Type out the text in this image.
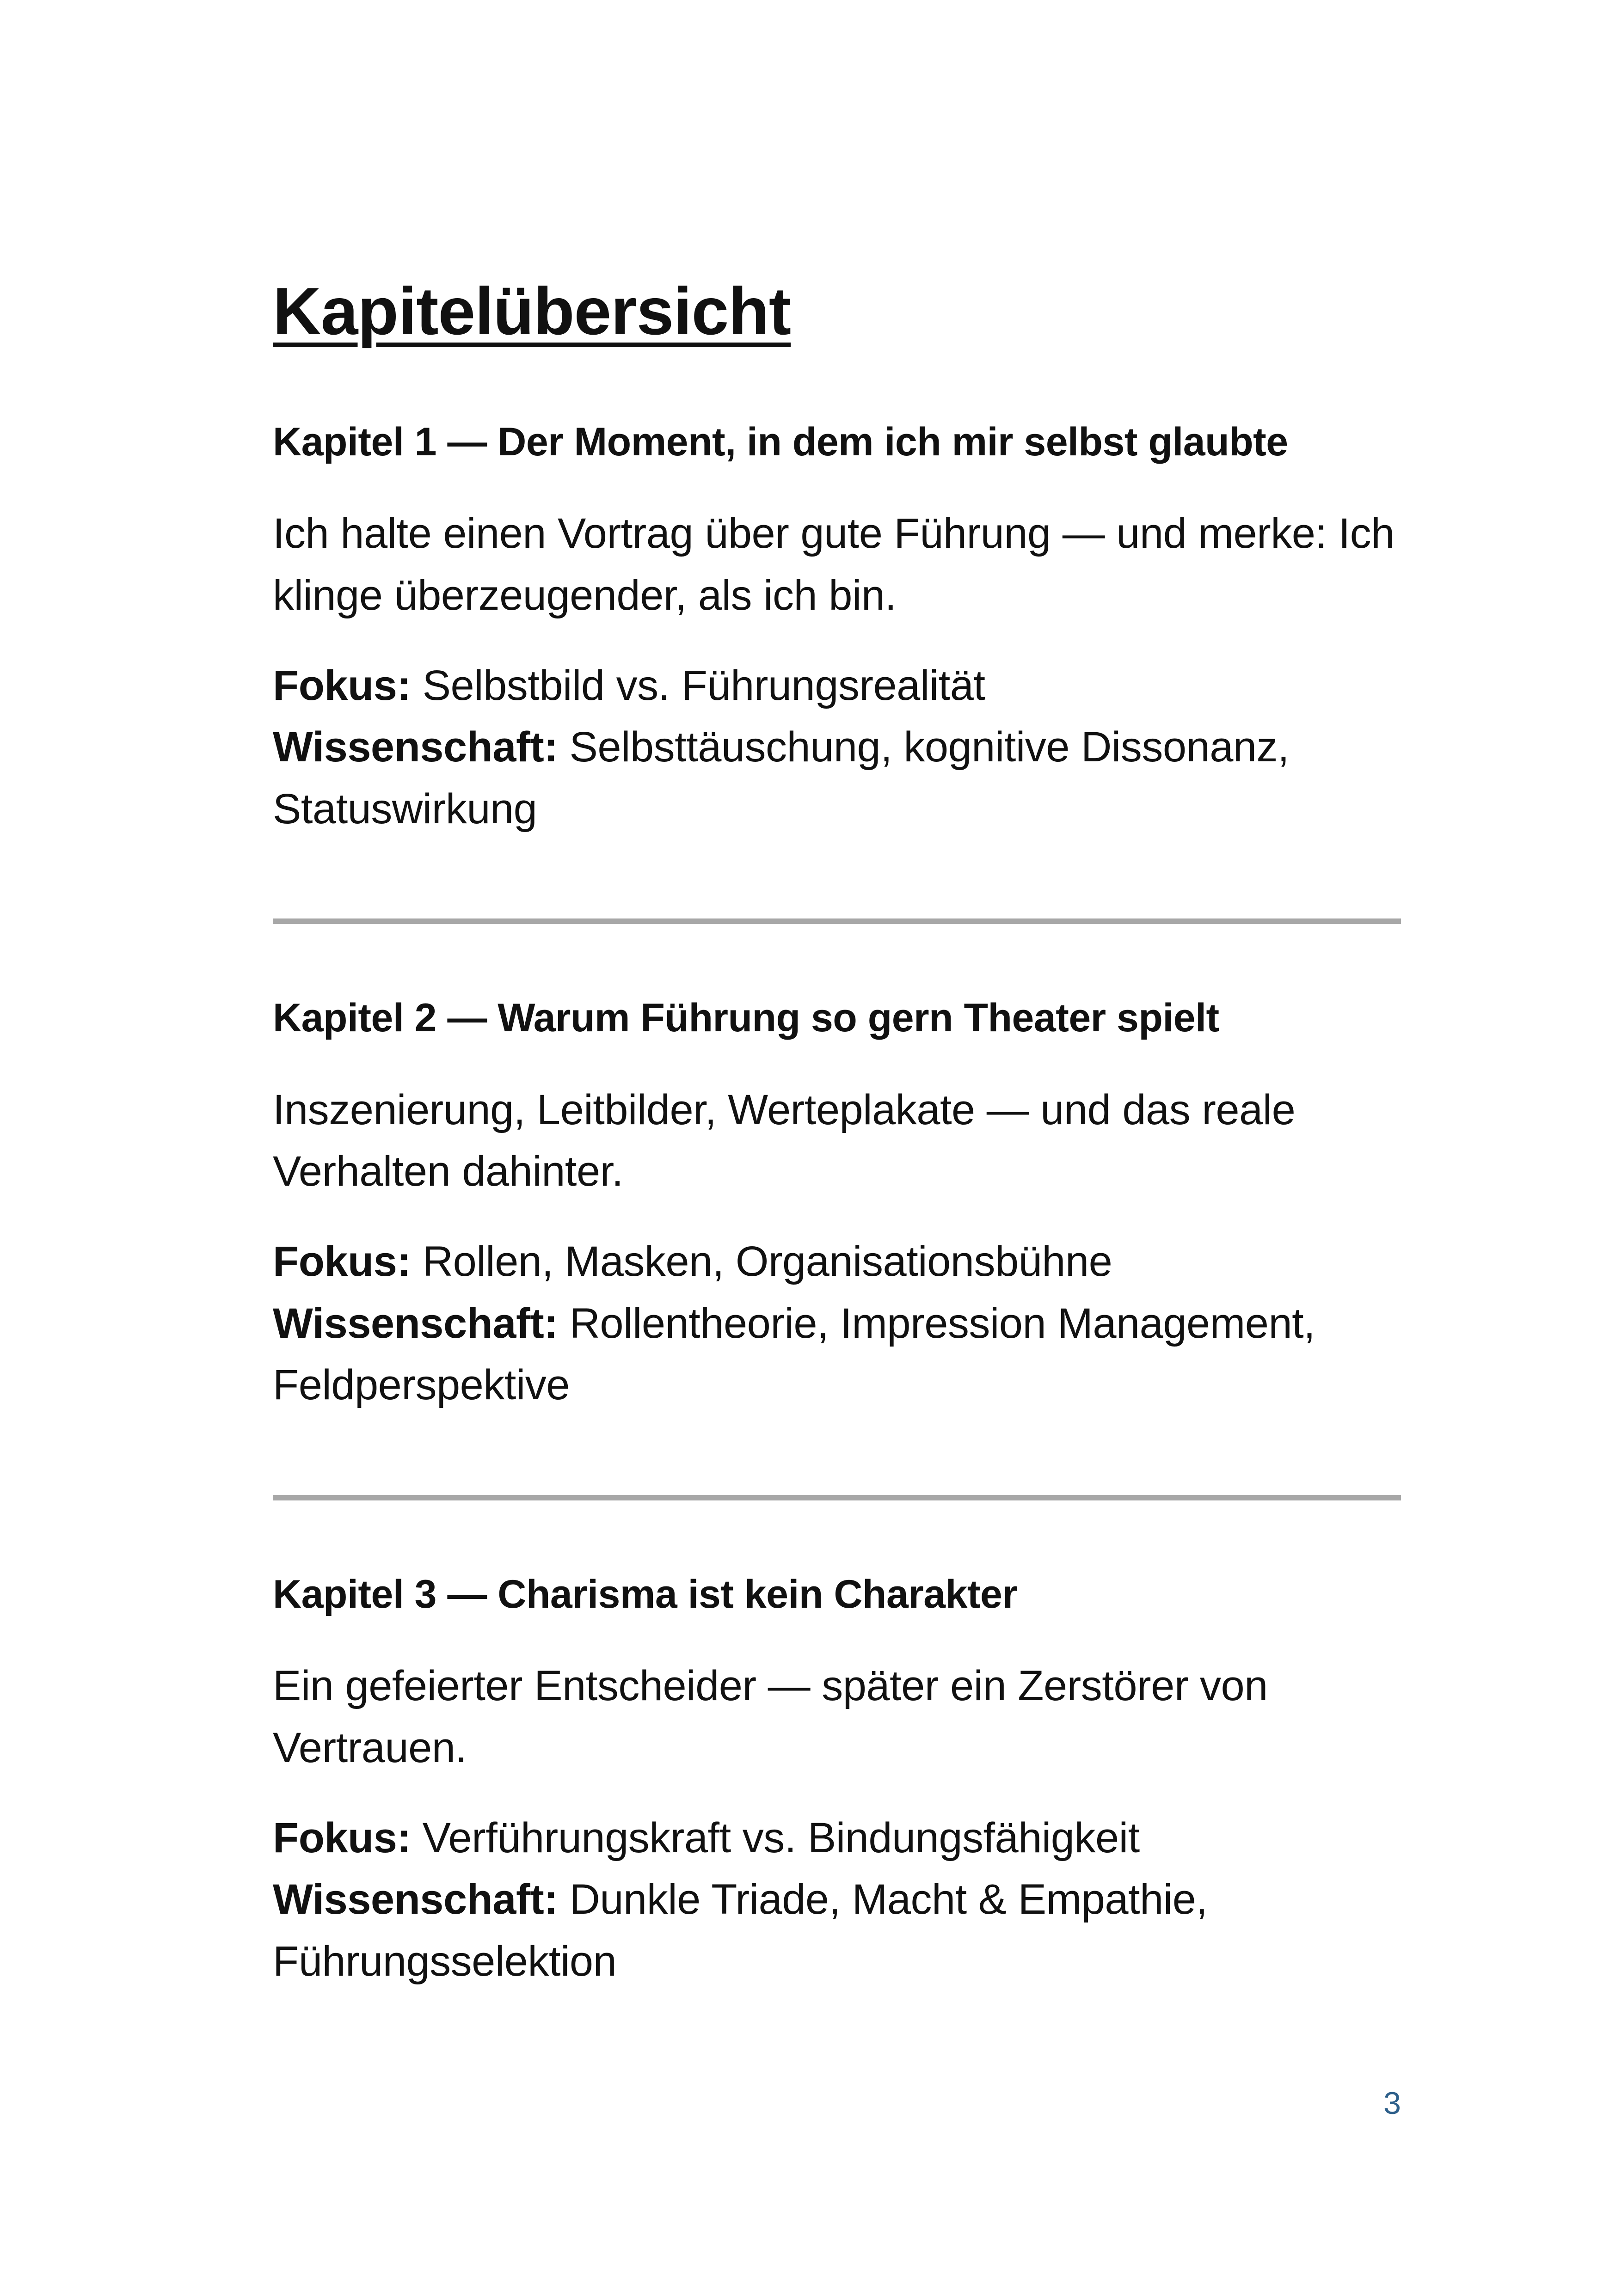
Kapitelübersicht
Kapitel 1 — Der Moment, in dem ich mir selbst glaubte

Ich halte einen Vortrag über gute Führung — und merke: Ich klinge überzeugender, als ich bin.

Fokus: Selbstbild vs. Führungsrealität

Wissenschaft: Selbsttäuschung, kognitive Dissonanz, Statuswirkung

Kapitel 2 — Warum Führung so gern Theater spielt

Inszenierung, Leitbilder, Werteplakate — und das reale Verhalten dahinter.

Fokus: Rollen, Masken, Organisationsbühne

Wissenschaft: Rollentheorie, Impression Management, Feldperspektive

Kapitel 3 — Charisma ist kein Charakter

Ein gefeierter Entscheider — später ein Zerstörer von Vertrauen.

Fokus: Verführungskraft vs. Bindungsfähigkeit

Wissenschaft: Dunkle Triade, Macht & Empathie, Führungsselektion

3
